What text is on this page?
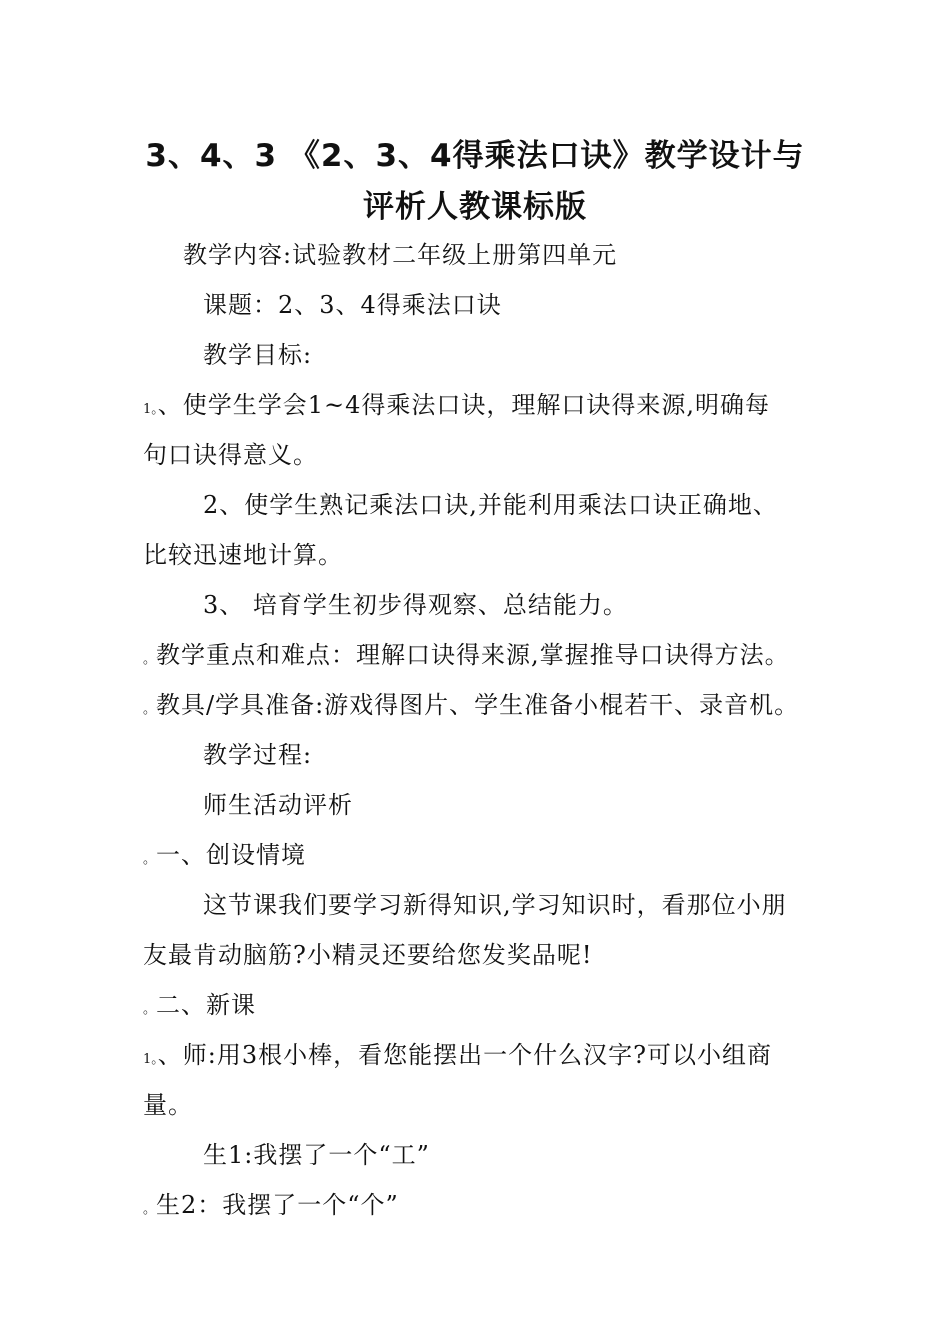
3、4、3 《2、3、4得乘法口诀》教学设计与
评析人教课标版
教学内容:试验教材二年级上册第四单元
课题：2、3、4得乘法口诀
教学目标:
1。、使学生学会1~4得乘法口诀，理解口诀得来源,明确每
句口诀得意义。
2、使学生熟记乘法口诀,并能利用乘法口诀正确地、
比较迅速地计算。
3、 培育学生初步得观察、总结能力。
。教学重点和难点：理解口诀得来源,掌握推导口诀得方法。
。教具/学具准备:游戏得图片、学生准备小棍若干、录音机。
教学过程:
师生活动评析
。一、创设情境
这节课我们要学习新得知识,学习知识时，看那位小朋
友最肯动脑筋?小精灵还要给您发奖品呢!
。二、新课
1。、师:用3根小棒，看您能摆出一个什么汉字?可以小组商
量。
生1:我摆了一个“工”
。生2：我摆了一个“个”
